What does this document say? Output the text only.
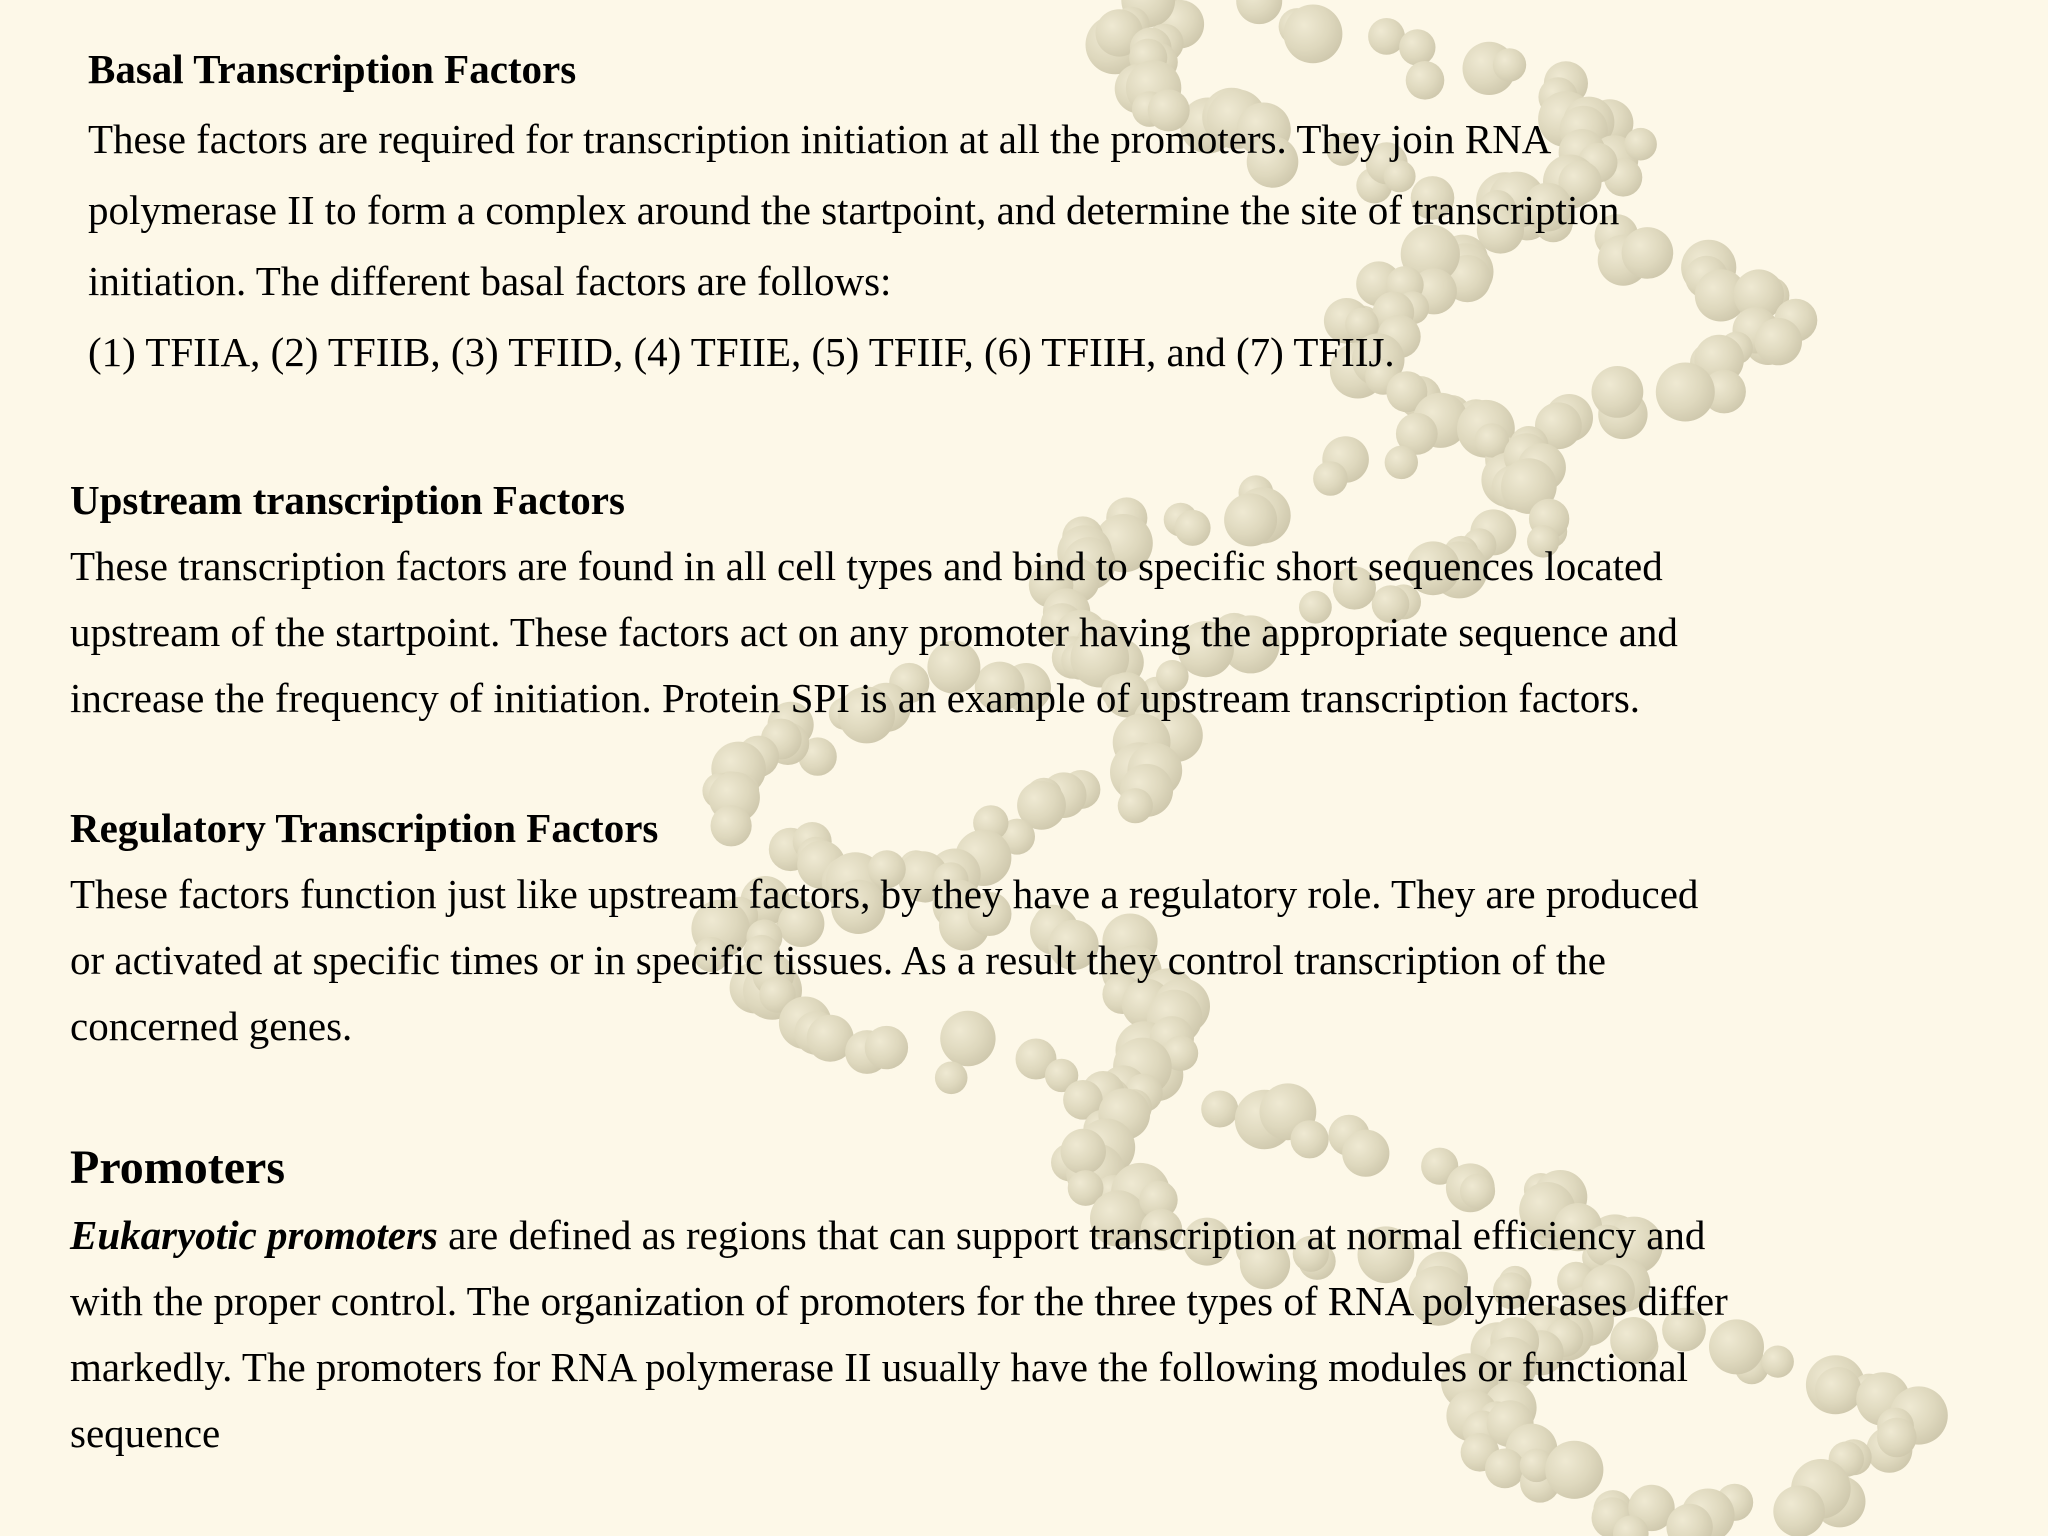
Basal Transcription Factors

These factors are required for transcription initiation at all the promoters. They join RNA

polymerase II to form a complex around the startpoint, and determine the site of transcription

initiation. The different basal factors are follows:

(1) TFIIA, (2) TFIIB, (3) TFIID, (4) TFIIE, (5) TFIIF, (6) TFIIH, and (7) TFIIJ.

Upstream transcription Factors

These transcription factors are found in all cell types and bind to specific short sequences located

upstream of the startpoint. These factors act on any promoter having the appropriate sequence and

increase the frequency of initiation. Protein SPI is an example of upstream transcription factors.

Regulatory Transcription Factors

These factors function just like upstream factors, by they have a regulatory role. They are produced

or activated at specific times or in specific tissues. As a result they control transcription of the

concerned genes.

Promoters

Eukaryotic promoters are defined as regions that can support transcription at normal efficiency and

with the proper control. The organization of promoters for the three types of RNA polymerases differ

markedly. The promoters for RNA polymerase II usually have the following modules or functional

sequence
